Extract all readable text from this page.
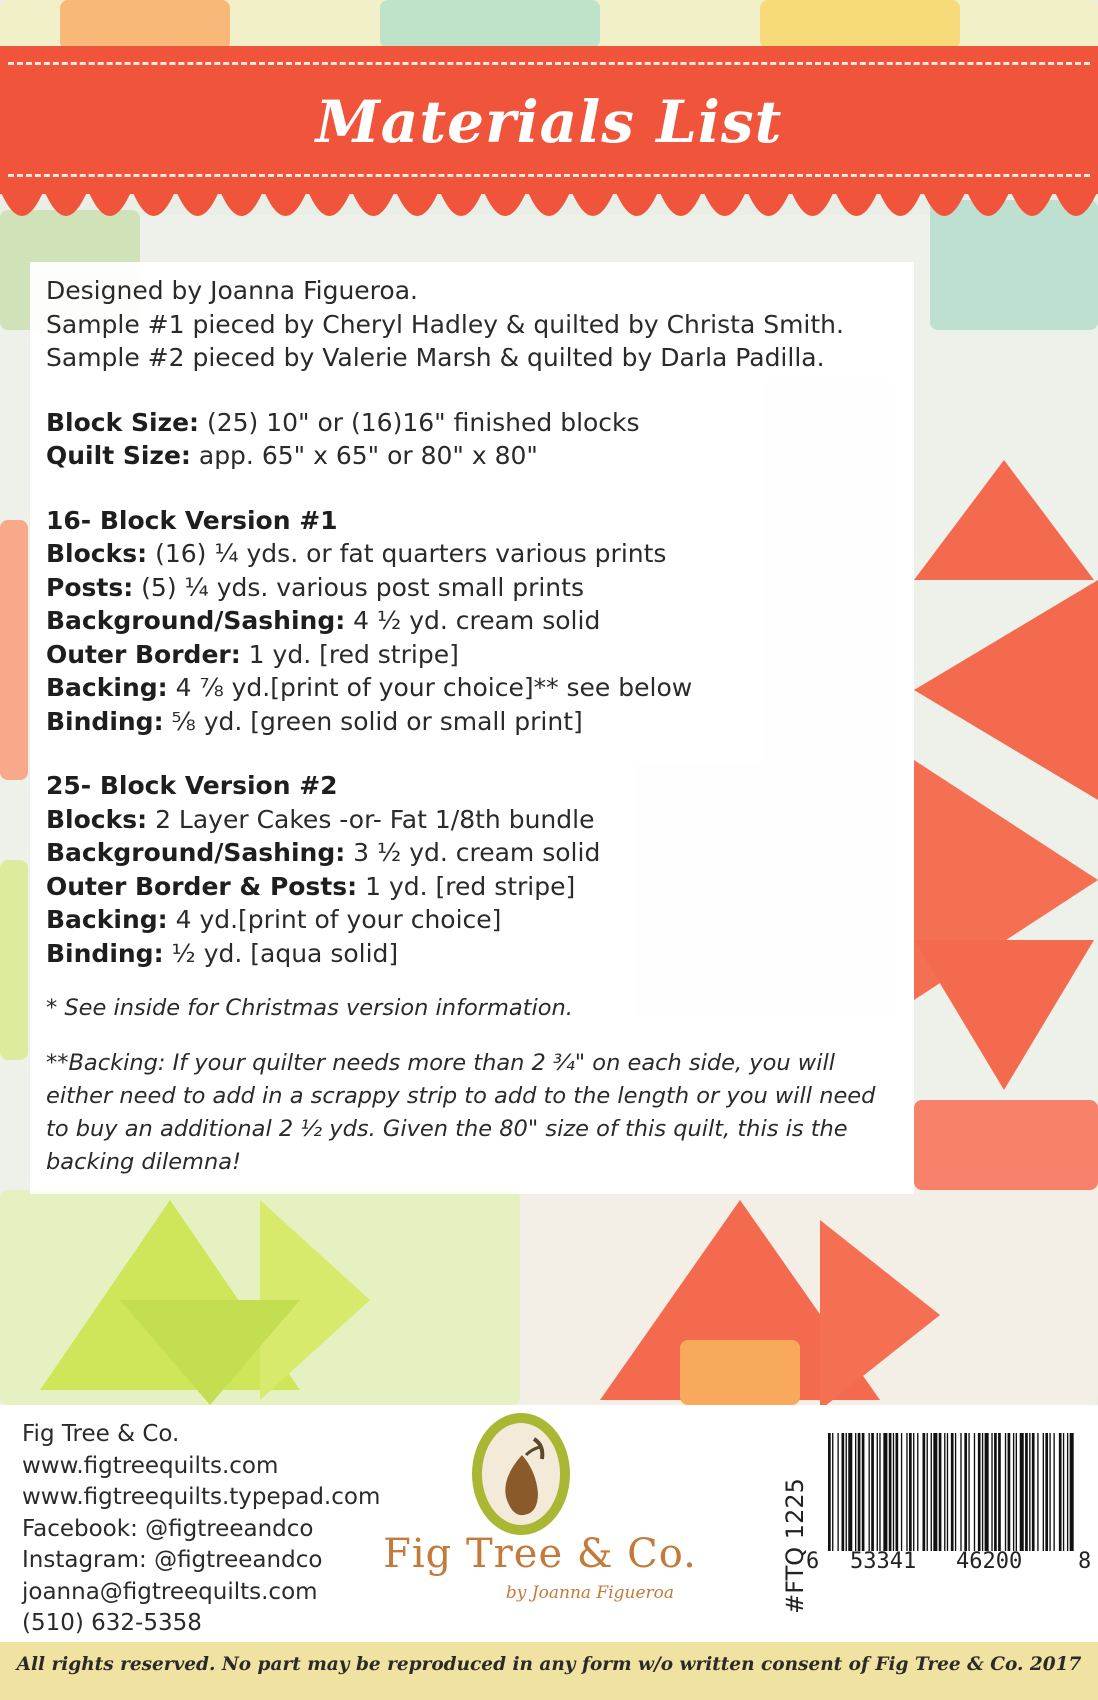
Materials List

Designed by Joanna Figueroa.

Sample #1 pieced by Cheryl Hadley & quilted by Christa Smith.

Sample #2 pieced by Valerie Marsh & quilted by Darla Padilla.

Block Size: (25) 10" or (16)16" finished blocks

Quilt Size: app. 65" x 65" or 80" x 80"

16- Block Version #1

Blocks: (16) ¼ yds. or fat quarters various prints

Posts: (5) ¼ yds. various post small prints

Background/Sashing: 4 ½ yd. cream solid

Outer Border: 1 yd. [red stripe]

Backing: 4 ⅞ yd.[print of your choice]** see below

Binding: ⅝ yd. [green solid or small print]

25- Block Version #2

Blocks: 2 Layer Cakes -or- Fat 1/8th bundle

Background/Sashing: 3 ½ yd. cream solid

Outer Border & Posts: 1 yd. [red stripe]

Backing: 4 yd.[print of your choice]

Binding: ½ yd. [aqua solid]

* See inside for Christmas version information.

**Backing: If your quilter needs more than 2 ¾" on each side, you will either need to add in a scrappy strip to add to the length or you will need to buy an additional 2 ½ yds. Given the 80" size of this quilt, this is the backing dilemna!

Fig Tree & Co.
www.figtreequilts.com
www.figtreequilts.typepad.com
Facebook: @figtreeandco
Instagram: @figtreeandco
joanna@figtreequilts.com
(510) 632-5358
Fig Tree & Co.
by Joanna Figueroa	#FTQ 1225
6 53341 46200	8
All rights reserved. No part may be reproduced in any form w/o written consent of Fig Tree & Co. 2017
